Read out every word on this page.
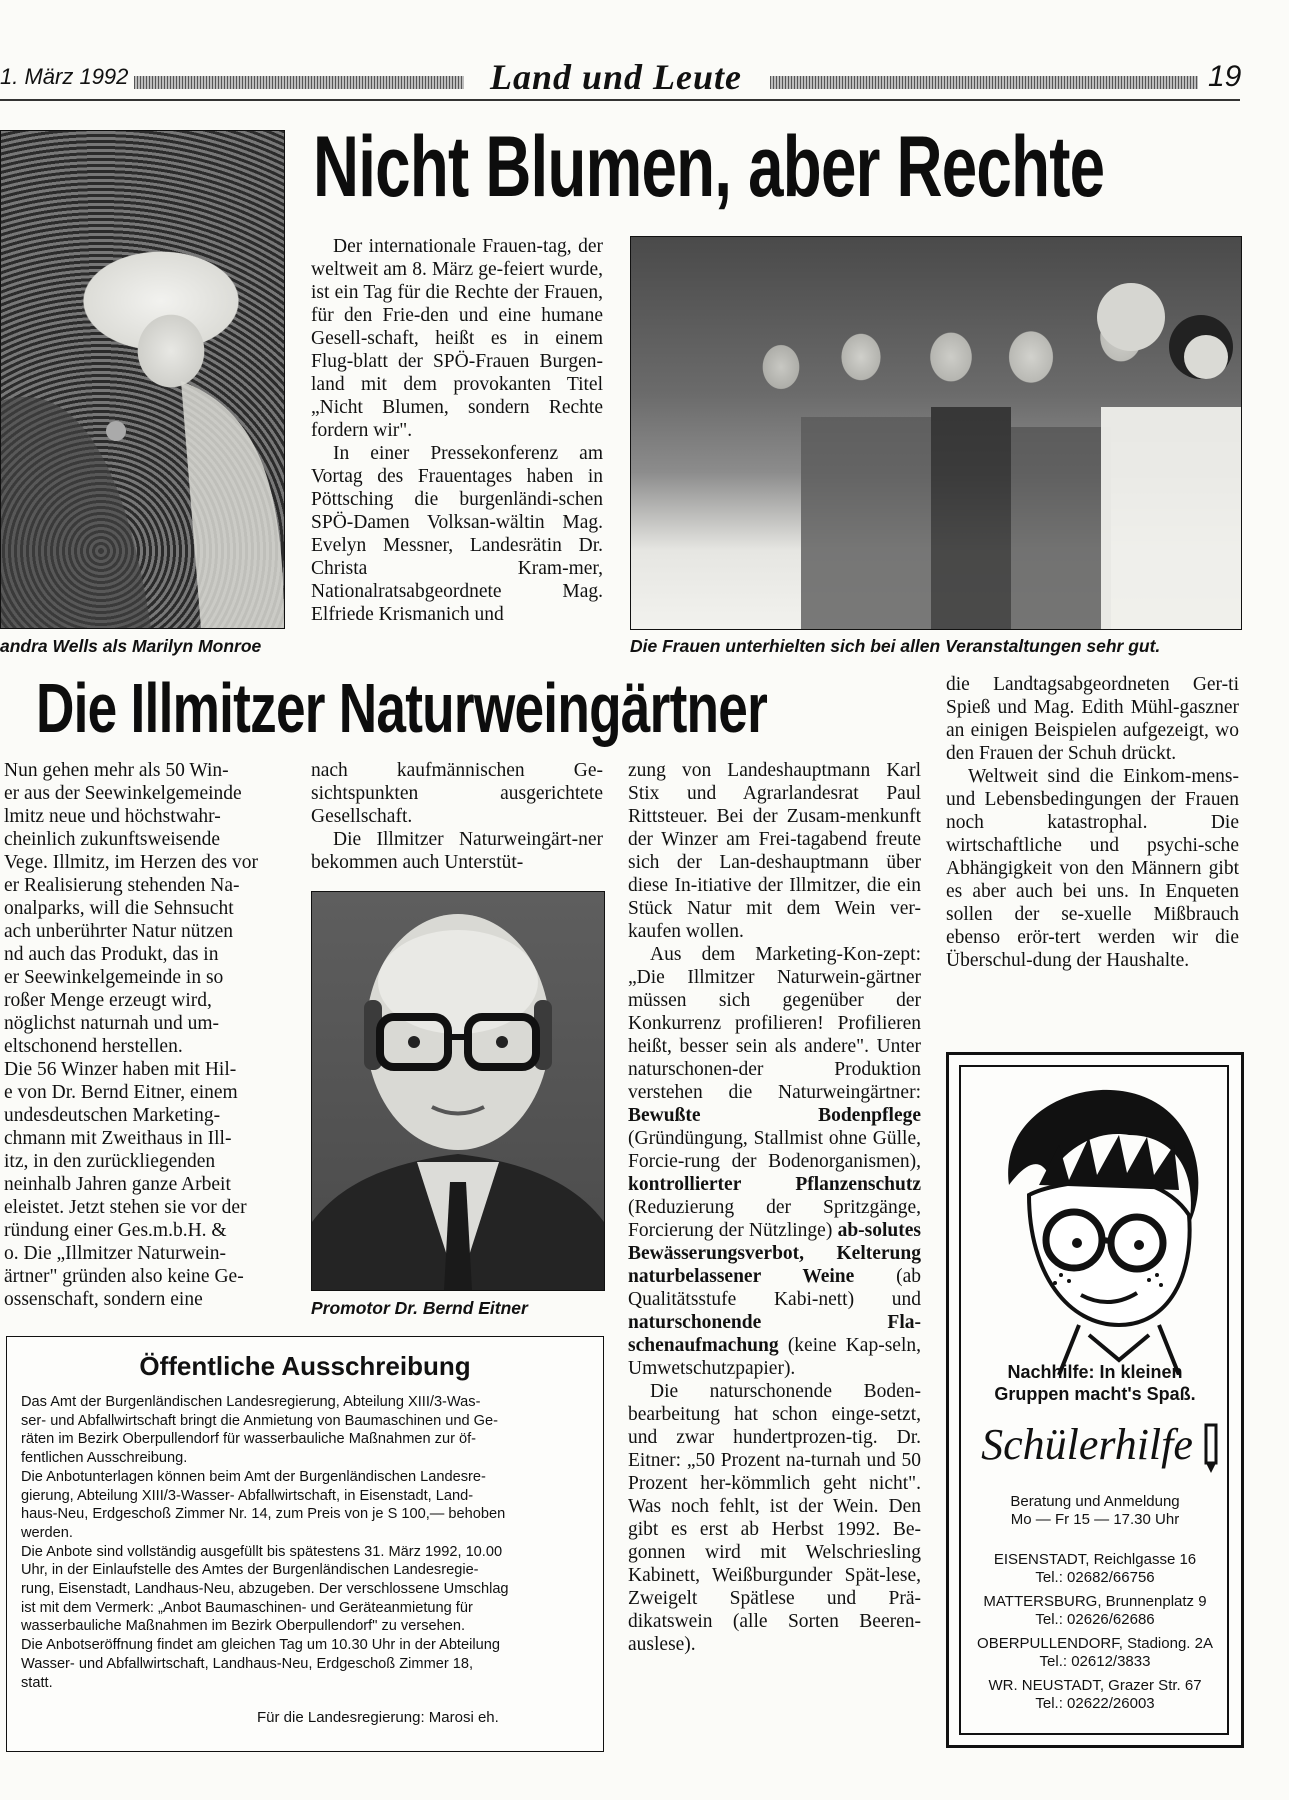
1. März 1992	Land und Leute	19
andra Wells als Marilyn Monroe
Nicht Blumen, aber Rechte

Der internationale Frauen-tag, der weltweit am 8. März ge-feiert wurde, ist ein Tag für die Rechte der Frauen, für den Frie-den und eine humane Gesell-schaft, heißt es in einem Flug-blatt der SPÖ-Frauen Burgen-land mit dem provokanten Titel „Nicht Blumen, sondern Rechte fordern wir".

In einer Pressekonferenz am Vortag des Frauentages haben in Pöttsching die burgenländi-schen SPÖ-Damen Volksan-wältin Mag. Evelyn Messner, Landesrätin Dr. Christa Kram-mer, Nationalratsabgeordnete Mag. Elfriede Krismanich und

Die Frauen unterhielten sich bei allen Veranstaltungen sehr gut.

die Landtagsabgeordneten Ger-ti Spieß und Mag. Edith Mühl-gaszner an einigen Beispielen aufgezeigt, wo den Frauen der Schuh drückt.

Weltweit sind die Einkom-mens- und Lebensbedingungen der Frauen noch katastrophal. Die wirtschaftliche und psychi-sche Abhängigkeit von den Männern gibt es aber auch bei uns. In Enqueten sollen der se-xuelle Mißbrauch ebenso erör-tert werden wir die Überschul-dung der Haushalte.

Die Illmitzer Naturweingärtner

Nun gehen mehr als 50 Win-

er aus der Seewinkelgemeinde

lmitz neue und höchstwahr-

cheinlich zukunftsweisende

Vege. Illmitz, im Herzen des vor

er Realisierung stehenden Na-

onalparks, will die Sehnsucht

ach unberührter Natur nützen

nd auch das Produkt, das in

er Seewinkelgemeinde in so

roßer Menge erzeugt wird,

nöglichst naturnah und um-

eltschonend herstellen.

Die 56 Winzer haben mit Hil-

e von Dr. Bernd Eitner, einem

undesdeutschen Marketing-

chmann mit Zweithaus in Ill-

itz, in den zurückliegenden

neinhalb Jahren ganze Arbeit

eleistet. Jetzt stehen sie vor der

ründung einer Ges.m.b.H. &

o. Die „Illmitzer Naturwein-

ärtner" gründen also keine Ge-

ossenschaft, sondern eine

nach kaufmännischen Ge-sichtspunkten ausgerichtete Gesellschaft.

Die Illmitzer Naturweingärt-ner bekommen auch Unterstüt-

Promotor Dr. Bernd Eitner

zung von Landeshauptmann Karl Stix und Agrarlandesrat Paul Rittsteuer. Bei der Zusam-menkunft der Winzer am Frei-tagabend freute sich der Lan-deshauptmann über diese In-itiative der Illmitzer, die ein Stück Natur mit dem Wein ver-kaufen wollen.

Aus dem Marketing-Kon-zept: „Die Illmitzer Naturwein-gärtner müssen sich gegenüber der Konkurrenz profilieren! Profilieren heißt, besser sein als andere". Unter naturschonen-der Produktion verstehen die Naturweingärtner: Bewußte Bodenpflege (Gründüngung, Stallmist ohne Gülle, Forcie-rung der Bodenorganismen), kontrollierter Pflanzenschutz (Reduzierung der Spritzgänge, Forcierung der Nützlinge) ab-solutes Bewässerungsverbot, Kelterung naturbelassener Weine (ab Qualitätsstufe Kabi-nett) und naturschonende Fla-schenaufmachung (keine Kap-seln, Umwetschutzpapier).

Die naturschonende Boden-bearbeitung hat schon einge-setzt, und zwar hundertprozen-tig. Dr. Eitner: „50 Prozent na-turnah und 50 Prozent her-kömmlich geht nicht". Was noch fehlt, ist der Wein. Den gibt es erst ab Herbst 1992. Be-gonnen wird mit Welschriesling Kabinett, Weißburgunder Spät-lese, Zweigelt Spätlese und Prä-dikatswein (alle Sorten Beeren-auslese).

Öffentliche Ausschreibung
Das Amt der Burgenländischen Landesregierung, Abteilung XIII/3-Was-
ser- und Abfallwirtschaft bringt die Anmietung von Baumaschinen und Ge-
räten im Bezirk Oberpullendorf für wasserbauliche Maßnahmen zur öf-
fentlichen Ausschreibung.
Die Anbotunterlagen können beim Amt der Burgenländischen Landesre-
gierung, Abteilung XIII/3-Wasser- Abfallwirtschaft, in Eisenstadt, Land-
haus-Neu, Erdgeschoß Zimmer Nr. 14, zum Preis von je S 100,— behoben
werden.
Die Anbote sind vollständig ausgefüllt bis spätestens 31. März 1992, 10.00
Uhr, in der Einlaufstelle des Amtes der Burgenländischen Landesregie-
rung, Eisenstadt, Landhaus-Neu, abzugeben. Der verschlossene Umschlag
ist mit dem Vermerk: „Anbot Baumaschinen- und Geräteanmietung für
wasserbauliche Maßnahmen im Bezirk Oberpullendorf" zu versehen.
Die Anbotseröffnung findet am gleichen Tag um 10.30 Uhr in der Abteilung
Wasser- und Abfallwirtschaft, Landhaus-Neu, Erdgeschoß Zimmer 18,
statt.
Für die Landesregierung: Marosi eh.
Nachhilfe: In kleinen
Gruppen macht's Spaß.
Schülerhilfe
Beratung und Anmeldung
Mo — Fr 15 — 17.30 Uhr
EISENSTADT, Reichlgasse 16
Tel.: 02682/66756
MATTERSBURG, Brunnenplatz 9
Tel.: 02626/62686
OBERPULLENDORF, Stadiong. 2A
Tel.: 02612/3833
WR. NEUSTADT, Grazer Str. 67
Tel.: 02622/26003
